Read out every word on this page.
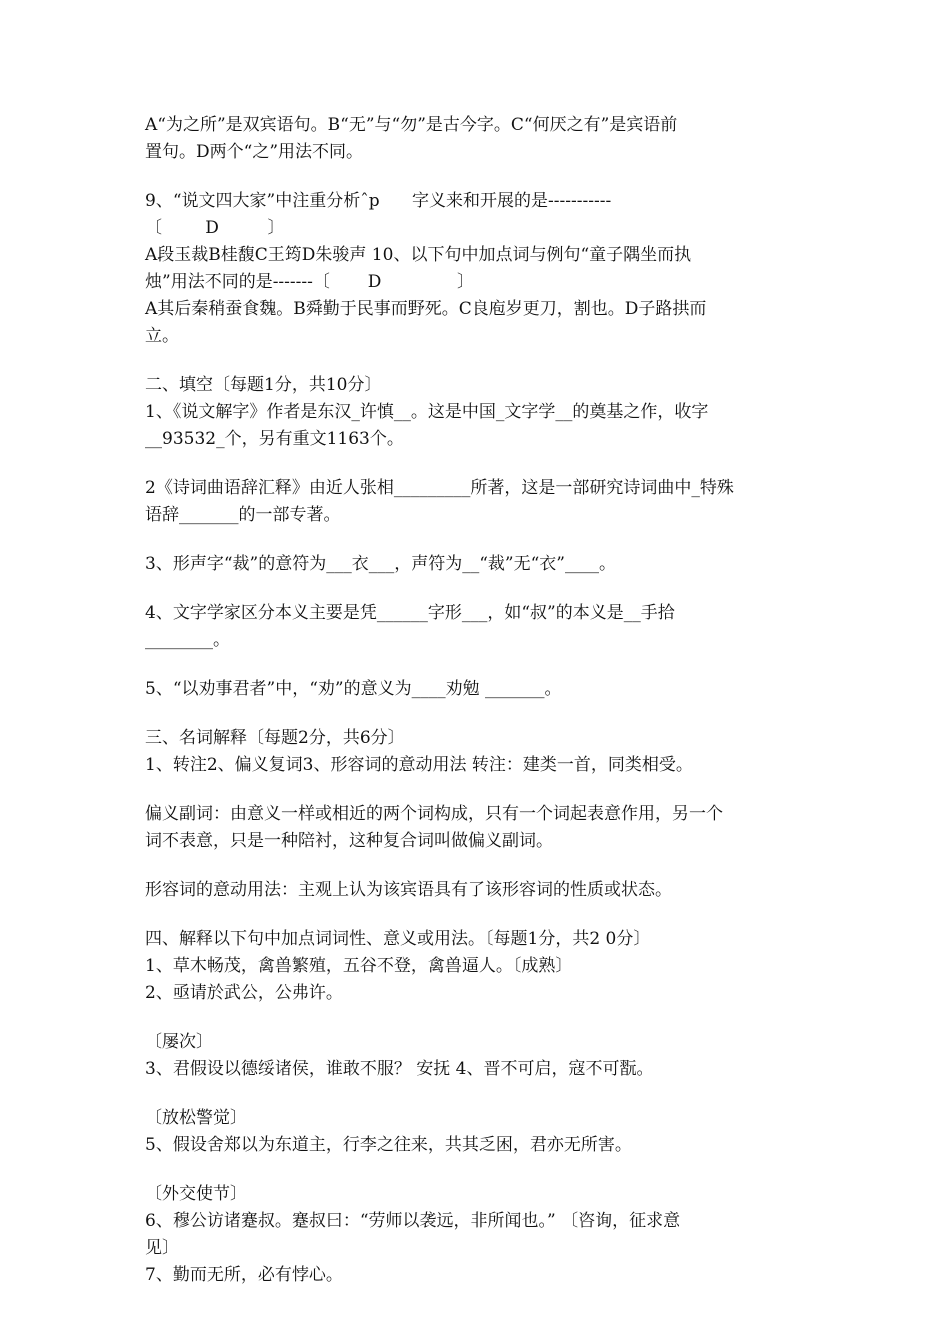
A“为之所”是双宾语句。B“无”与“勿”是古今字。C“何厌之有”是宾语前
置句。D两个“之”用法不同。
9、“说文四大家”中注重分析ˆp      字义来和开展的是-----------
〔        D         〕
A段玉裁B桂馥C王筠D朱骏声 10、以下句中加点词与例句“童子隅坐而执
烛”用法不同的是-------〔       D              〕
A其后秦稍蚕食魏。B舜勤于民事而野死。C良庖岁更刀，割也。D子路拱而
立。
二、填空〔每题1分，共10分〕
1、《说文解字》作者是东汉_许慎__。这是中国_文字学__的奠基之作，收字
__93532_个，另有重文1163个。
2《诗词曲语辞汇释》由近人张相_________所著，这是一部研究诗词曲中_特殊
语辞_______的一部专著。
3、形声字“裁”的意符为___衣___，声符为__“裁”无“衣”____。
4、文字学家区分本义主要是凭______字形___，如“叔”的本义是__手拾
________。
5、“以劝事君者”中，“劝”的意义为____劝勉 _______。
三、名词解释〔每题2分，共6分〕
1、转注2、偏义复词3、形容词的意动用法 转注：建类一首，同类相受。
偏义副词：由意义一样或相近的两个词构成，只有一个词起表意作用，另一个
词不表意，只是一种陪衬，这种复合词叫做偏义副词。
形容词的意动用法：主观上认为该宾语具有了该形容词的性质或状态。
四、解释以下句中加点词词性、意义或用法。〔每题1分，共2 0分〕
1、草木畅茂，禽兽繁殖，五谷不登，禽兽逼人。〔成熟〕
2、亟请於武公，公弗许。
〔屡次〕
3、君假设以德绥诸侯，谁敢不服？ 安抚 4、晋不可启，寇不可翫。
〔放松警觉〕
5、假设舍郑以为东道主，行李之往来，共其乏困，君亦无所害。
〔外交使节〕
6、穆公访诸蹇叔。蹇叔曰：“劳师以袭远，非所闻也。” 〔咨询，征求意
见〕
7、勤而无所，必有悖心。
